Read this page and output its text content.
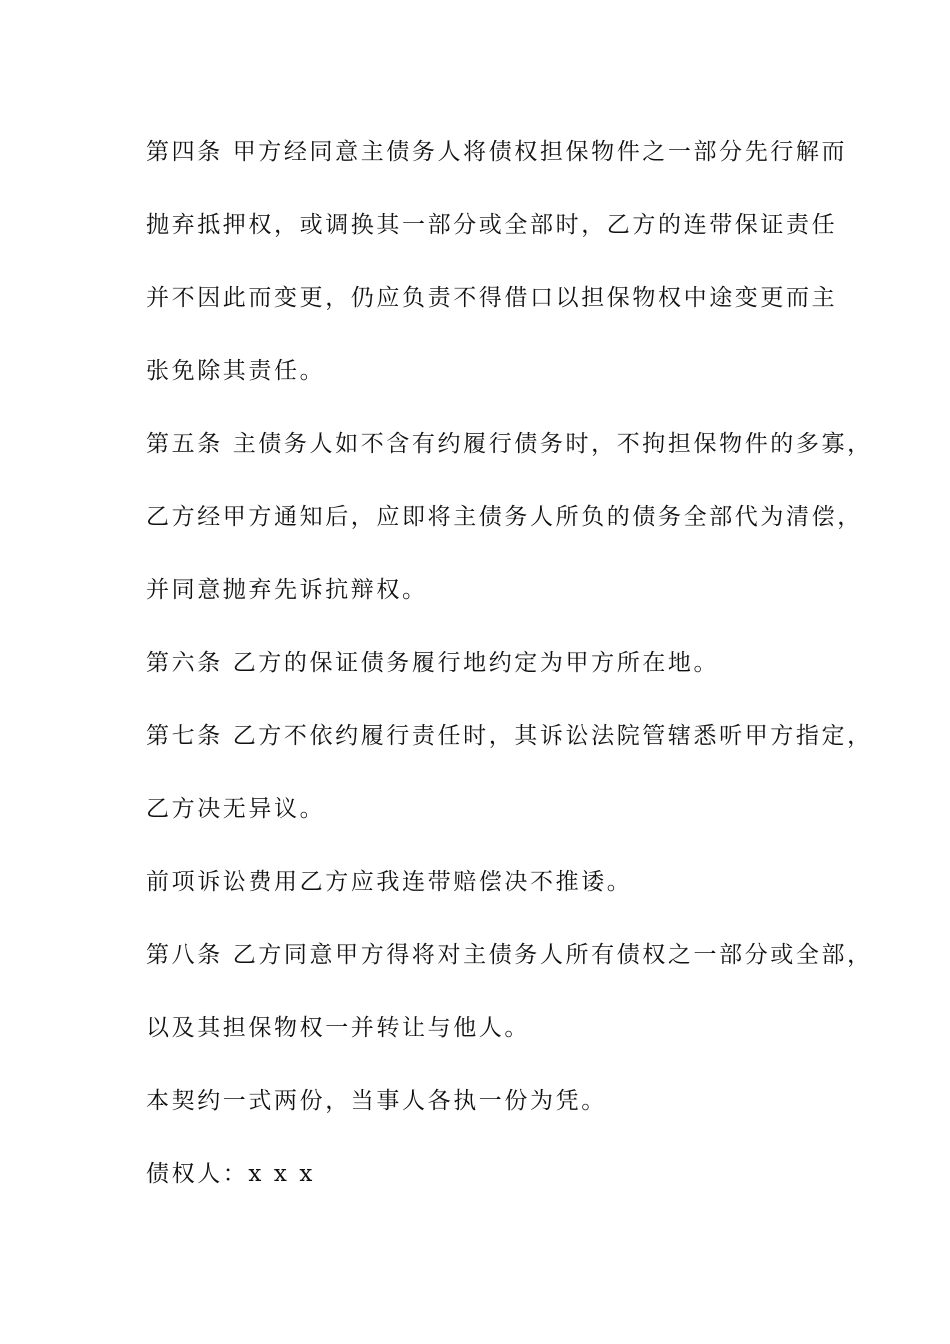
第四条 甲方经同意主债务人将债权担保物件之一部分先行解而
抛弃抵押权，或调换其一部分或全部时，乙方的连带保证责任
并不因此而变更，仍应负责不得借口以担保物权中途变更而主
张免除其责任。
第五条 主债务人如不含有约履行债务时，不拘担保物件的多寡，
乙方经甲方通知后，应即将主债务人所负的债务全部代为清偿，
并同意抛弃先诉抗辩权。
第六条 乙方的保证债务履行地约定为甲方所在地。
第七条 乙方不依约履行责任时，其诉讼法院管辖悉听甲方指定，
乙方决无异议。
前项诉讼费用乙方应我连带赔偿决不推诿。
第八条 乙方同意甲方得将对主债务人所有债权之一部分或全部，
以及其担保物权一并转让与他人。
本契约一式两份，当事人各执一份为凭。
债权人：x x x
